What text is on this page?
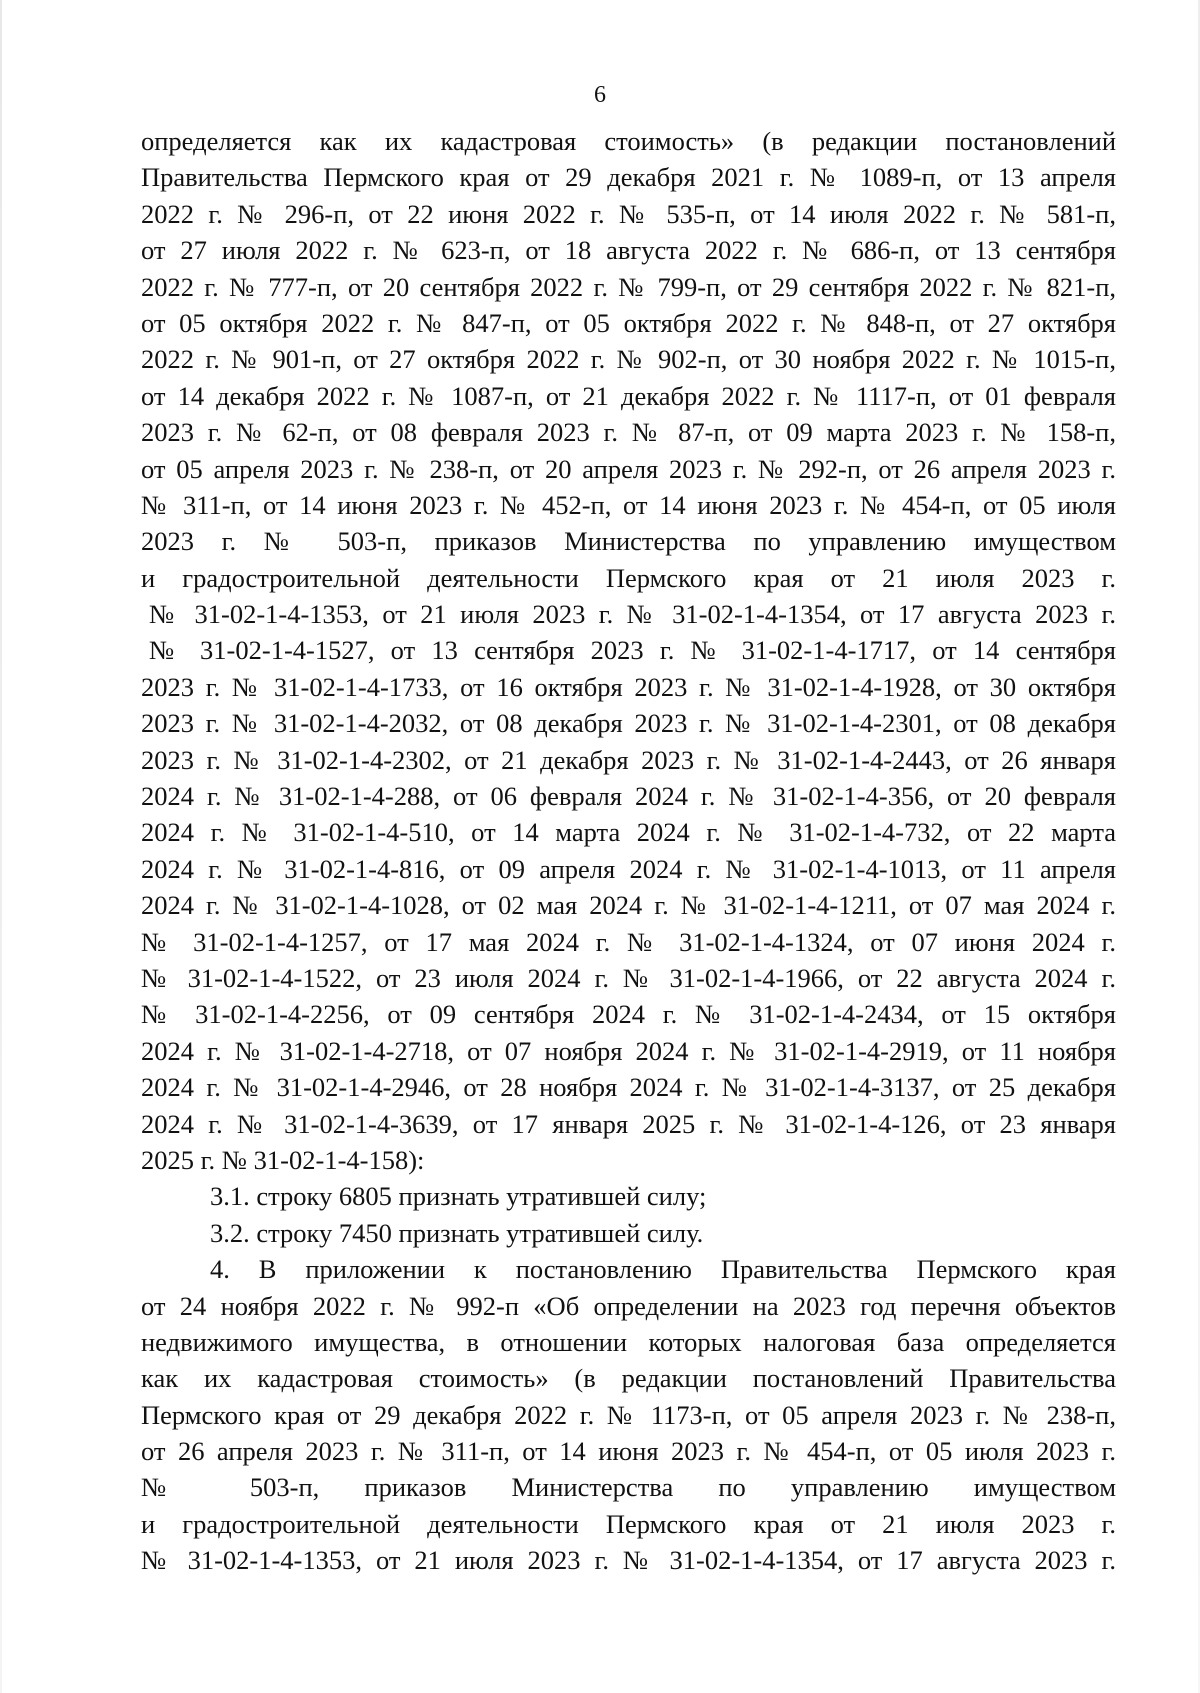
6
определяется как их кадастровая стоимость» (в редакции постановлений
Правительства Пермского края от 29 декабря 2021 г. № 1089-п, от 13 апреля
2022 г. № 296-п, от 22 июня 2022 г. № 535-п, от 14 июля 2022 г. № 581-п,
от 27 июля 2022 г. № 623-п, от 18 августа 2022 г. № 686-п, от 13 сентября
2022 г. № 777-п, от 20 сентября 2022 г. № 799-п, от 29 сентября 2022 г. № 821-п,
от 05 октября 2022 г. № 847-п, от 05 октября 2022 г. № 848-п, от 27 октября
2022 г. № 901-п, от 27 октября 2022 г. № 902-п, от 30 ноября 2022 г. № 1015-п,
от 14 декабря 2022 г. № 1087-п, от 21 декабря 2022 г. № 1117-п, от 01 февраля
2023 г. № 62-п, от 08 февраля 2023 г. № 87-п, от 09 марта 2023 г. № 158-п,
от 05 апреля 2023 г. № 238-п, от 20 апреля 2023 г. № 292-п, от 26 апреля 2023 г.
№ 311-п, от 14 июня 2023 г. № 452-п, от 14 июня 2023 г. № 454-п, от 05 июля
2023 г. № 503-п, приказов Министерства по управлению имуществом
и градостроительной деятельности Пермского края от 21 июля 2023 г.
№ 31-02-1-4-1353, от 21 июля 2023 г. № 31-02-1-4-1354, от 17 августа 2023 г.
№ 31-02-1-4-1527, от 13 сентября 2023 г. № 31-02-1-4-1717, от 14 сентября
2023 г. № 31-02-1-4-1733, от 16 октября 2023 г. № 31-02-1-4-1928, от 30 октября
2023 г. № 31-02-1-4-2032, от 08 декабря 2023 г. № 31-02-1-4-2301, от 08 декабря
2023 г. № 31-02-1-4-2302, от 21 декабря 2023 г. № 31-02-1-4-2443, от 26 января
2024 г. № 31-02-1-4-288, от 06 февраля 2024 г. № 31-02-1-4-356, от 20 февраля
2024 г. № 31-02-1-4-510, от 14 марта 2024 г. № 31-02-1-4-732, от 22 марта
2024 г. № 31-02-1-4-816, от 09 апреля 2024 г. № 31-02-1-4-1013, от 11 апреля
2024 г. № 31-02-1-4-1028, от 02 мая 2024 г. № 31-02-1-4-1211, от 07 мая 2024 г.
№ 31-02-1-4-1257, от 17 мая 2024 г. № 31-02-1-4-1324, от 07 июня 2024 г.
№ 31-02-1-4-1522, от 23 июля 2024 г. № 31-02-1-4-1966, от 22 августа 2024 г.
№ 31-02-1-4-2256, от 09 сентября 2024 г. № 31-02-1-4-2434, от 15 октября
2024 г. № 31-02-1-4-2718, от 07 ноября 2024 г. № 31-02-1-4-2919, от 11 ноября
2024 г. № 31-02-1-4-2946, от 28 ноября 2024 г. № 31-02-1-4-3137, от 25 декабря
2024 г. № 31-02-1-4-3639, от 17 января 2025 г. № 31-02-1-4-126, от 23 января
2025 г. № 31-02-1-4-158):
3.1. строку 6805 признать утратившей силу;
3.2. строку 7450 признать утратившей силу.
4. В приложении к постановлению Правительства Пермского края
от 24 ноября 2022 г. № 992-п «Об определении на 2023 год перечня объектов
недвижимого имущества, в отношении которых налоговая база определяется
как их кадастровая стоимость» (в редакции постановлений Правительства
Пермского края от 29 декабря 2022 г. № 1173-п, от 05 апреля 2023 г. № 238-п,
от 26 апреля 2023 г. № 311-п, от 14 июня 2023 г. № 454-п, от 05 июля 2023 г.
№ 503-п, приказов Министерства по управлению имуществом
и градостроительной деятельности Пермского края от 21 июля 2023 г.
№ 31-02-1-4-1353, от 21 июля 2023 г. № 31-02-1-4-1354, от 17 августа 2023 г.
